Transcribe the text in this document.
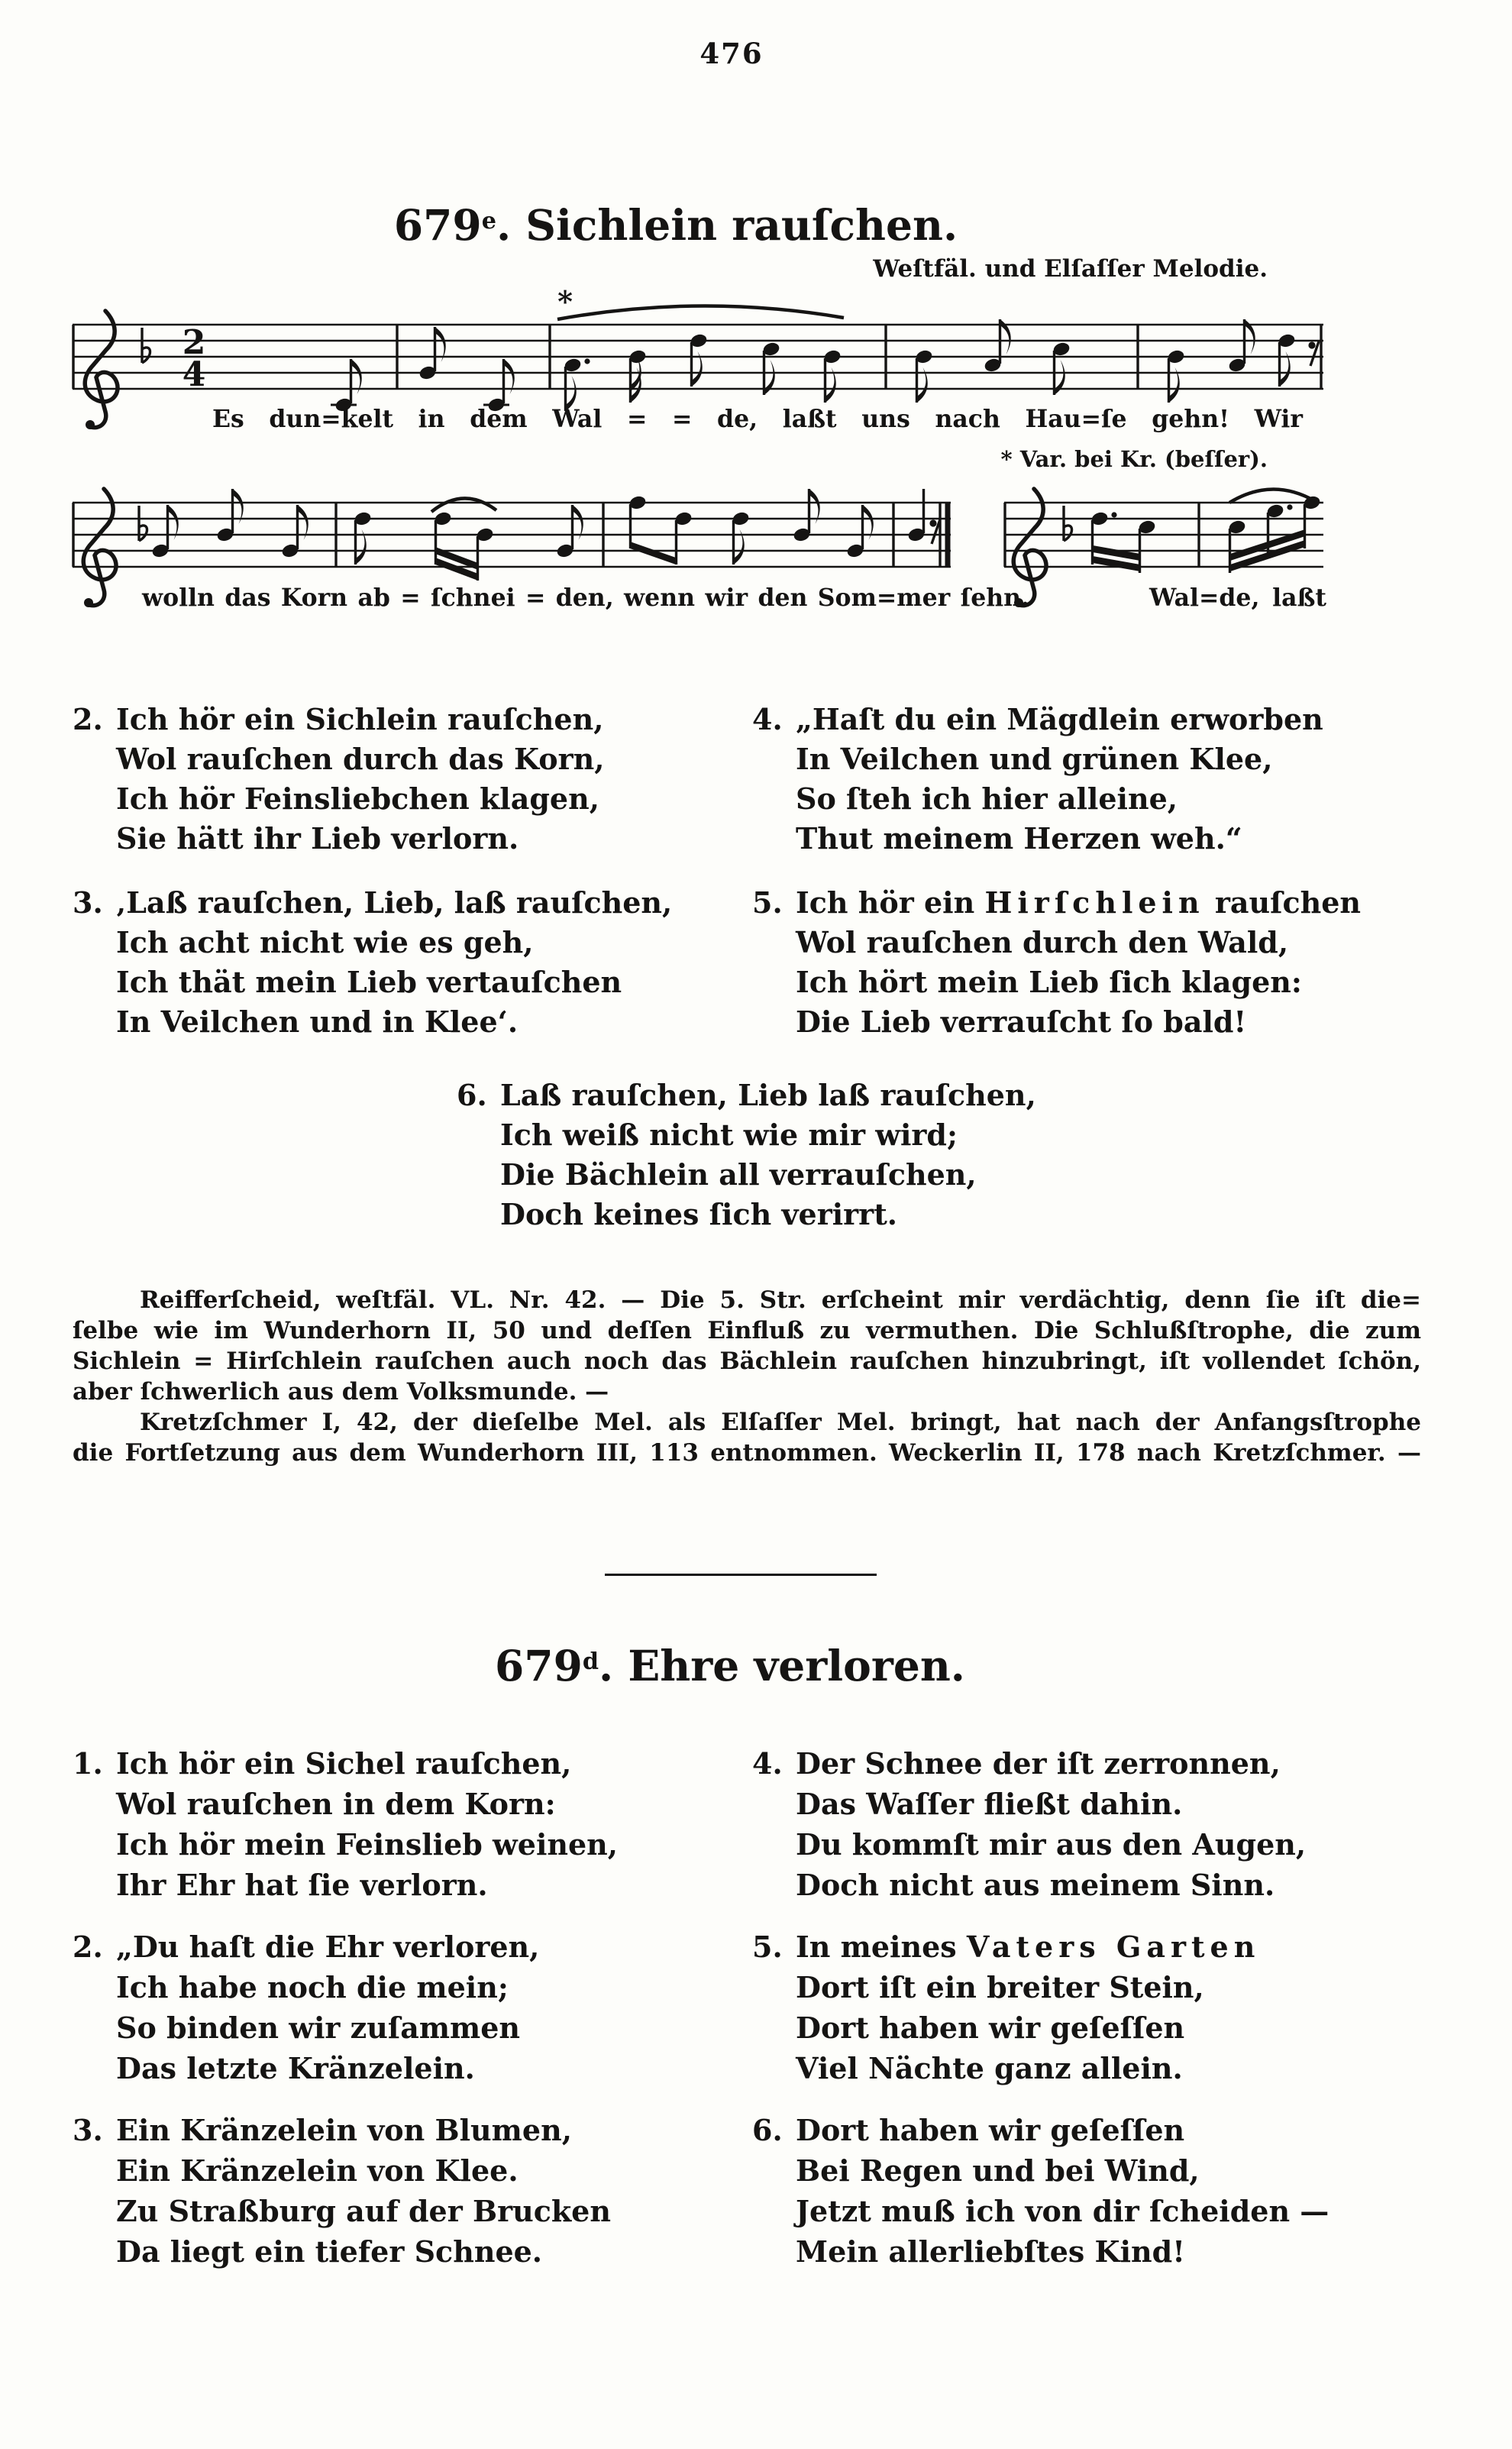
476
679e. Sichlein rauſchen.
Weſtfäl. und Elſaſſer Melodie.
2
4
*
Es dun=kelt in dem Wal = = de, laßt uns nach Hau=ſe gehn! Wir
* Var. bei Kr. (beſſer).
wolln das Korn ab = ſchnei = den, wenn wir den Som=mer ſehn.	Wal=de, laßt
2. Ich hör ein Sichlein rauſchen,
Wol rauſchen durch das Korn,
Ich hör Feinsliebchen klagen,
Sie hätt ihr Lieb verlorn.
3. ‚Laß rauſchen, Lieb, laß rauſchen,
Ich acht nicht wie es geh,
Ich thät mein Lieb vertauſchen
In Veilchen und in Klee‘.
4. „Haſt du ein Mägdlein erworben
In Veilchen und grünen Klee,
So ſteh ich hier alleine,
Thut meinem Herzen weh.“
5. Ich hör ein Hirſchlein rauſchen
Wol rauſchen durch den Wald,
Ich hört mein Lieb ſich klagen:
Die Lieb verrauſcht ſo bald!
6. Laß rauſchen, Lieb laß rauſchen,
Ich weiß nicht wie mir wird;
Die Bächlein all verrauſchen,
Doch keines ſich verirrt.
Reifferſcheid, weſtfäl. VL. Nr. 42. — Die 5. Str. erſcheint mir verdächtig, denn ſie iſt die=
ſelbe wie im Wunderhorn II, 50 und deſſen Einfluß zu vermuthen. Die Schlußſtrophe, die zum
Sichlein = Hirſchlein rauſchen auch noch das Bächlein rauſchen hinzubringt, iſt vollendet ſchön,
aber ſchwerlich aus dem Volksmunde. —
Kretzſchmer I, 42, der dieſelbe Mel. als Elſaſſer Mel. bringt, hat nach der Anfangsſtrophe
die Fortſetzung aus dem Wunderhorn III, 113 entnommen. Weckerlin II, 178 nach Kretzſchmer. —
679$^d$. Ehre verloren.
1. Ich hör ein Sichel rauſchen,
Wol rauſchen in dem Korn:
Ich hör mein Feinslieb weinen,
Ihr Ehr hat ſie verlorn.
2. „Du haſt die Ehr verloren,
Ich habe noch die mein;
So binden wir zuſammen
Das letzte Kränzelein.
3. Ein Kränzelein von Blumen,
Ein Kränzelein von Klee.
Zu Straßburg auf der Brucken
Da liegt ein tiefer Schnee.
4. Der Schnee der iſt zerronnen,
Das Waſſer fließt dahin.
Du kommſt mir aus den Augen,
Doch nicht aus meinem Sinn.
5. In meines Vaters Garten
Dort iſt ein breiter Stein,
Dort haben wir geſeſſen
Viel Nächte ganz allein.
6. Dort haben wir geſeſſen
Bei Regen und bei Wind,
Jetzt muß ich von dir ſcheiden —
Mein allerliebſtes Kind!
